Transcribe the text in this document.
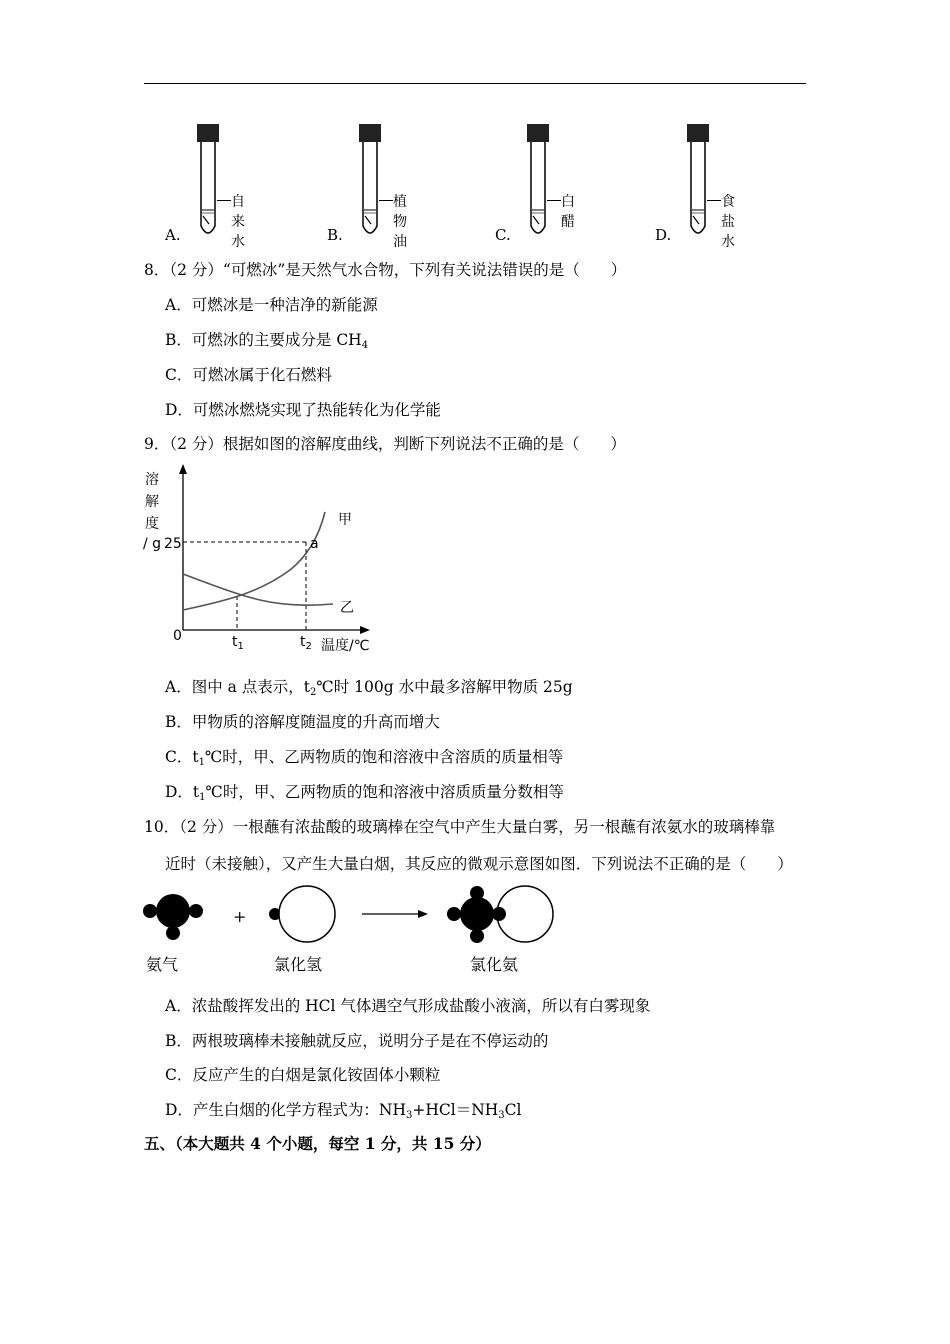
自来水
A.
植物油
B.
白醋
C.
食盐水
D.
8．（2 分）“可燃冰”是天然气水合物，下列有关说法错误的是（　　）
A．可燃冰是一种洁净的新能源
B．可燃冰的主要成分是 $CH_4$
C．可燃冰属于化石燃料
D．可燃冰燃烧实现了热能转化为化学能
9．（2 分）根据如图的溶解度曲线，判断下列说法不正确的是（　　）
溶
解
度
/ g 25
0	$t_1$	$t_2$ 温度/℃
甲
乙
a
A．图中 a 点表示，$t_2℃$时 100g 水中最多溶解甲物质 25g
B．甲物质的溶解度随温度的升高而增大
C．$t_1℃$时，甲、乙两物质的饱和溶液中含溶质的质量相等
D．$t_1℃$时，甲、乙两物质的饱和溶液中溶质质量分数相等
10．（2 分）一根蘸有浓盐酸的玻璃棒在空气中产生大量白雾，另一根蘸有浓氨水的玻璃棒靠
近时（未接触），又产生大量白烟，其反应的微观示意图如图．下列说法不正确的是（　　）
+
氨气	氯化氢	氯化氨
A．浓盐酸挥发出的 HCl 气体遇空气形成盐酸小液滴，所以有白雾现象
B．两根玻璃棒未接触就反应，说明分子是在不停运动的
C．反应产生的白烟是氯化铵固体小颗粒
D．产生白烟的化学方程式为：$NH_3+HCl=NH_3Cl$
五、（本大题共 4 个小题，每空 1 分，共 15 分）
